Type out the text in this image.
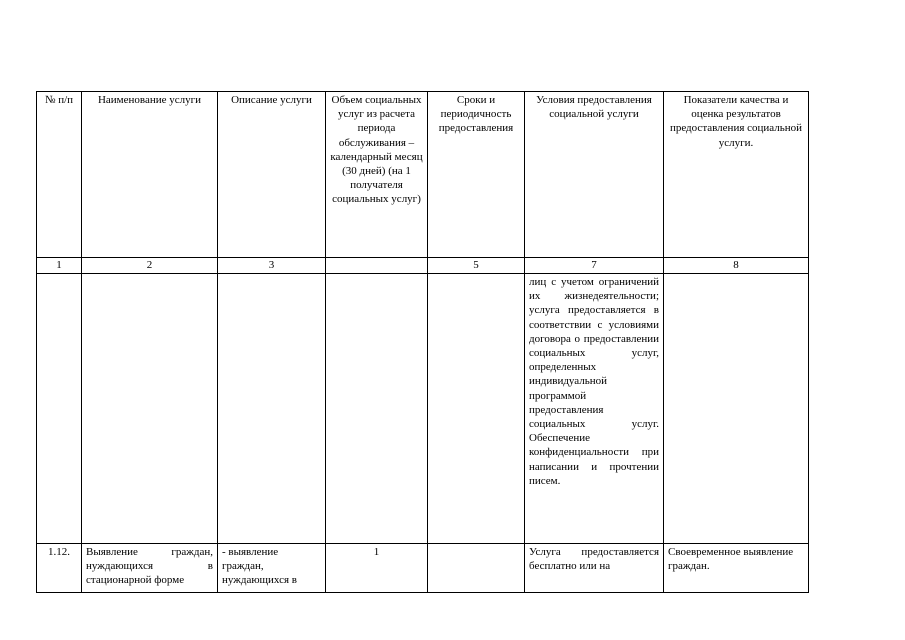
№ п/п	Наименование услуги	Описание услуги	Объем социальных услуг из расчета периода обслуживания – календарный месяц (30 дней) (на 1 получателя социальных услуг)	Сроки и периодичность предоставления	Условия предоставления социальной услуги	Показатели качества и оценка результатов предоставления социальной услуги.
1	2	3		5	7	8
					лиц с учетом ограничений их жизнедеятельности; услуга предоставляется в соответствии с условиями договора о предоставлении социальных услуг, определенных индивидуальной программой предоставления социальных услуг. Обеспечение конфиденциальности при написании и прочтении писем.	

1.12.	Выявление граждан, нуждающихся в стационарной форме	- выявление граждан, нуждающихся в	1		Услуга предоставляется бесплатно или на	Своевременное выявление граждан.
